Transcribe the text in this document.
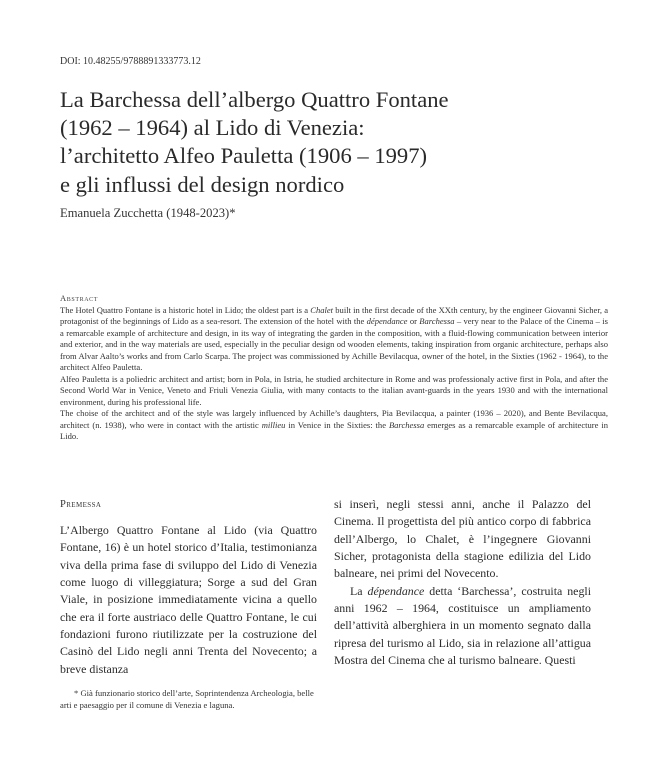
DOI: 10.48255/9788891333773.12
La Barchessa dell’albergo Quattro Fontane
(1962 – 1964) al Lido di Venezia:
l’architetto Alfeo Pauletta (1906 – 1997)
e gli influssi del design nordico
Emanuela Zucchetta (1948-2023)*
Abstract

The Hotel Quattro Fontane is a historic hotel in Lido; the oldest part is a Chalet built in the first decade of the XXth century, by the engineer Giovanni Sicher, a protagonist of the beginnings of Lido as a sea-resort. The extension of the hotel with the dépendance or Barchessa – very near to the Palace of the Cinema – is a remarcable example of architecture and design, in its way of integrating the garden in the composition, with a fluid-flowing communication between interior and exterior, and in the way materials are used, especially in the peculiar design od wooden elements, taking inspiration from organic architecture, perhaps also from Alvar Aalto’s works and from Carlo Scarpa. The project was commissioned by Achille Bevilacqua, owner of the hotel, in the Sixties (1962 - 1964), to the architect Alfeo Pauletta.

Alfeo Pauletta is a poliedric architect and artist; born in Pola, in Istria, he studied architecture in Rome and was professionaly active first in Pola, and after the Second World War in Venice, Veneto and Friuli Venezia Giulia, with many contacts to the italian avant-guards in the years 1930 and with the international environment, during his professional life.

The choise of the architect and of the style was largely influenced by Achille’s daughters, Pia Bevilacqua, a painter (1936 – 2020), and Bente Bevilacqua, architect (n. 1938), who were in contact with the artistic millieu in Venice in the Sixties: the Barchessa emerges as a remarcable example of architecture in Lido.

Premessa

L’Albergo Quattro Fontane al Lido (via Quattro Fontane, 16) è un hotel storico d’Italia, testimonianza viva della prima fase di sviluppo del Lido di Venezia come luogo di villeggiatura; Sorge a sud del Gran Viale, in posizione immediatamente vicina a quello che era il forte austriaco delle Quattro Fontane, le cui fondazioni furono riutilizzate per la costruzione del Casinò del Lido negli anni Trenta del Novecento; a breve distanza

si inserì, negli stessi anni, anche il Palazzo del Cinema. Il progettista del più antico corpo di fabbrica dell’Albergo, lo Chalet, è l’ingegnere Giovanni Sicher, protagonista della stagione edilizia del Lido balneare, nei primi del Novecento.

La dépendance detta ‘Barchessa’, costruita negli anni 1962 – 1964, costituisce un ampliamento dell’attività alberghiera in un momento segnato dalla ripresa del turismo al Lido, sia in relazione all’attigua Mostra del Cinema che al turismo balneare. Questi

* Già funzionario storico dell’arte, Soprintendenza Archeologia, belle arti e paesaggio per il comune di Venezia e laguna.
